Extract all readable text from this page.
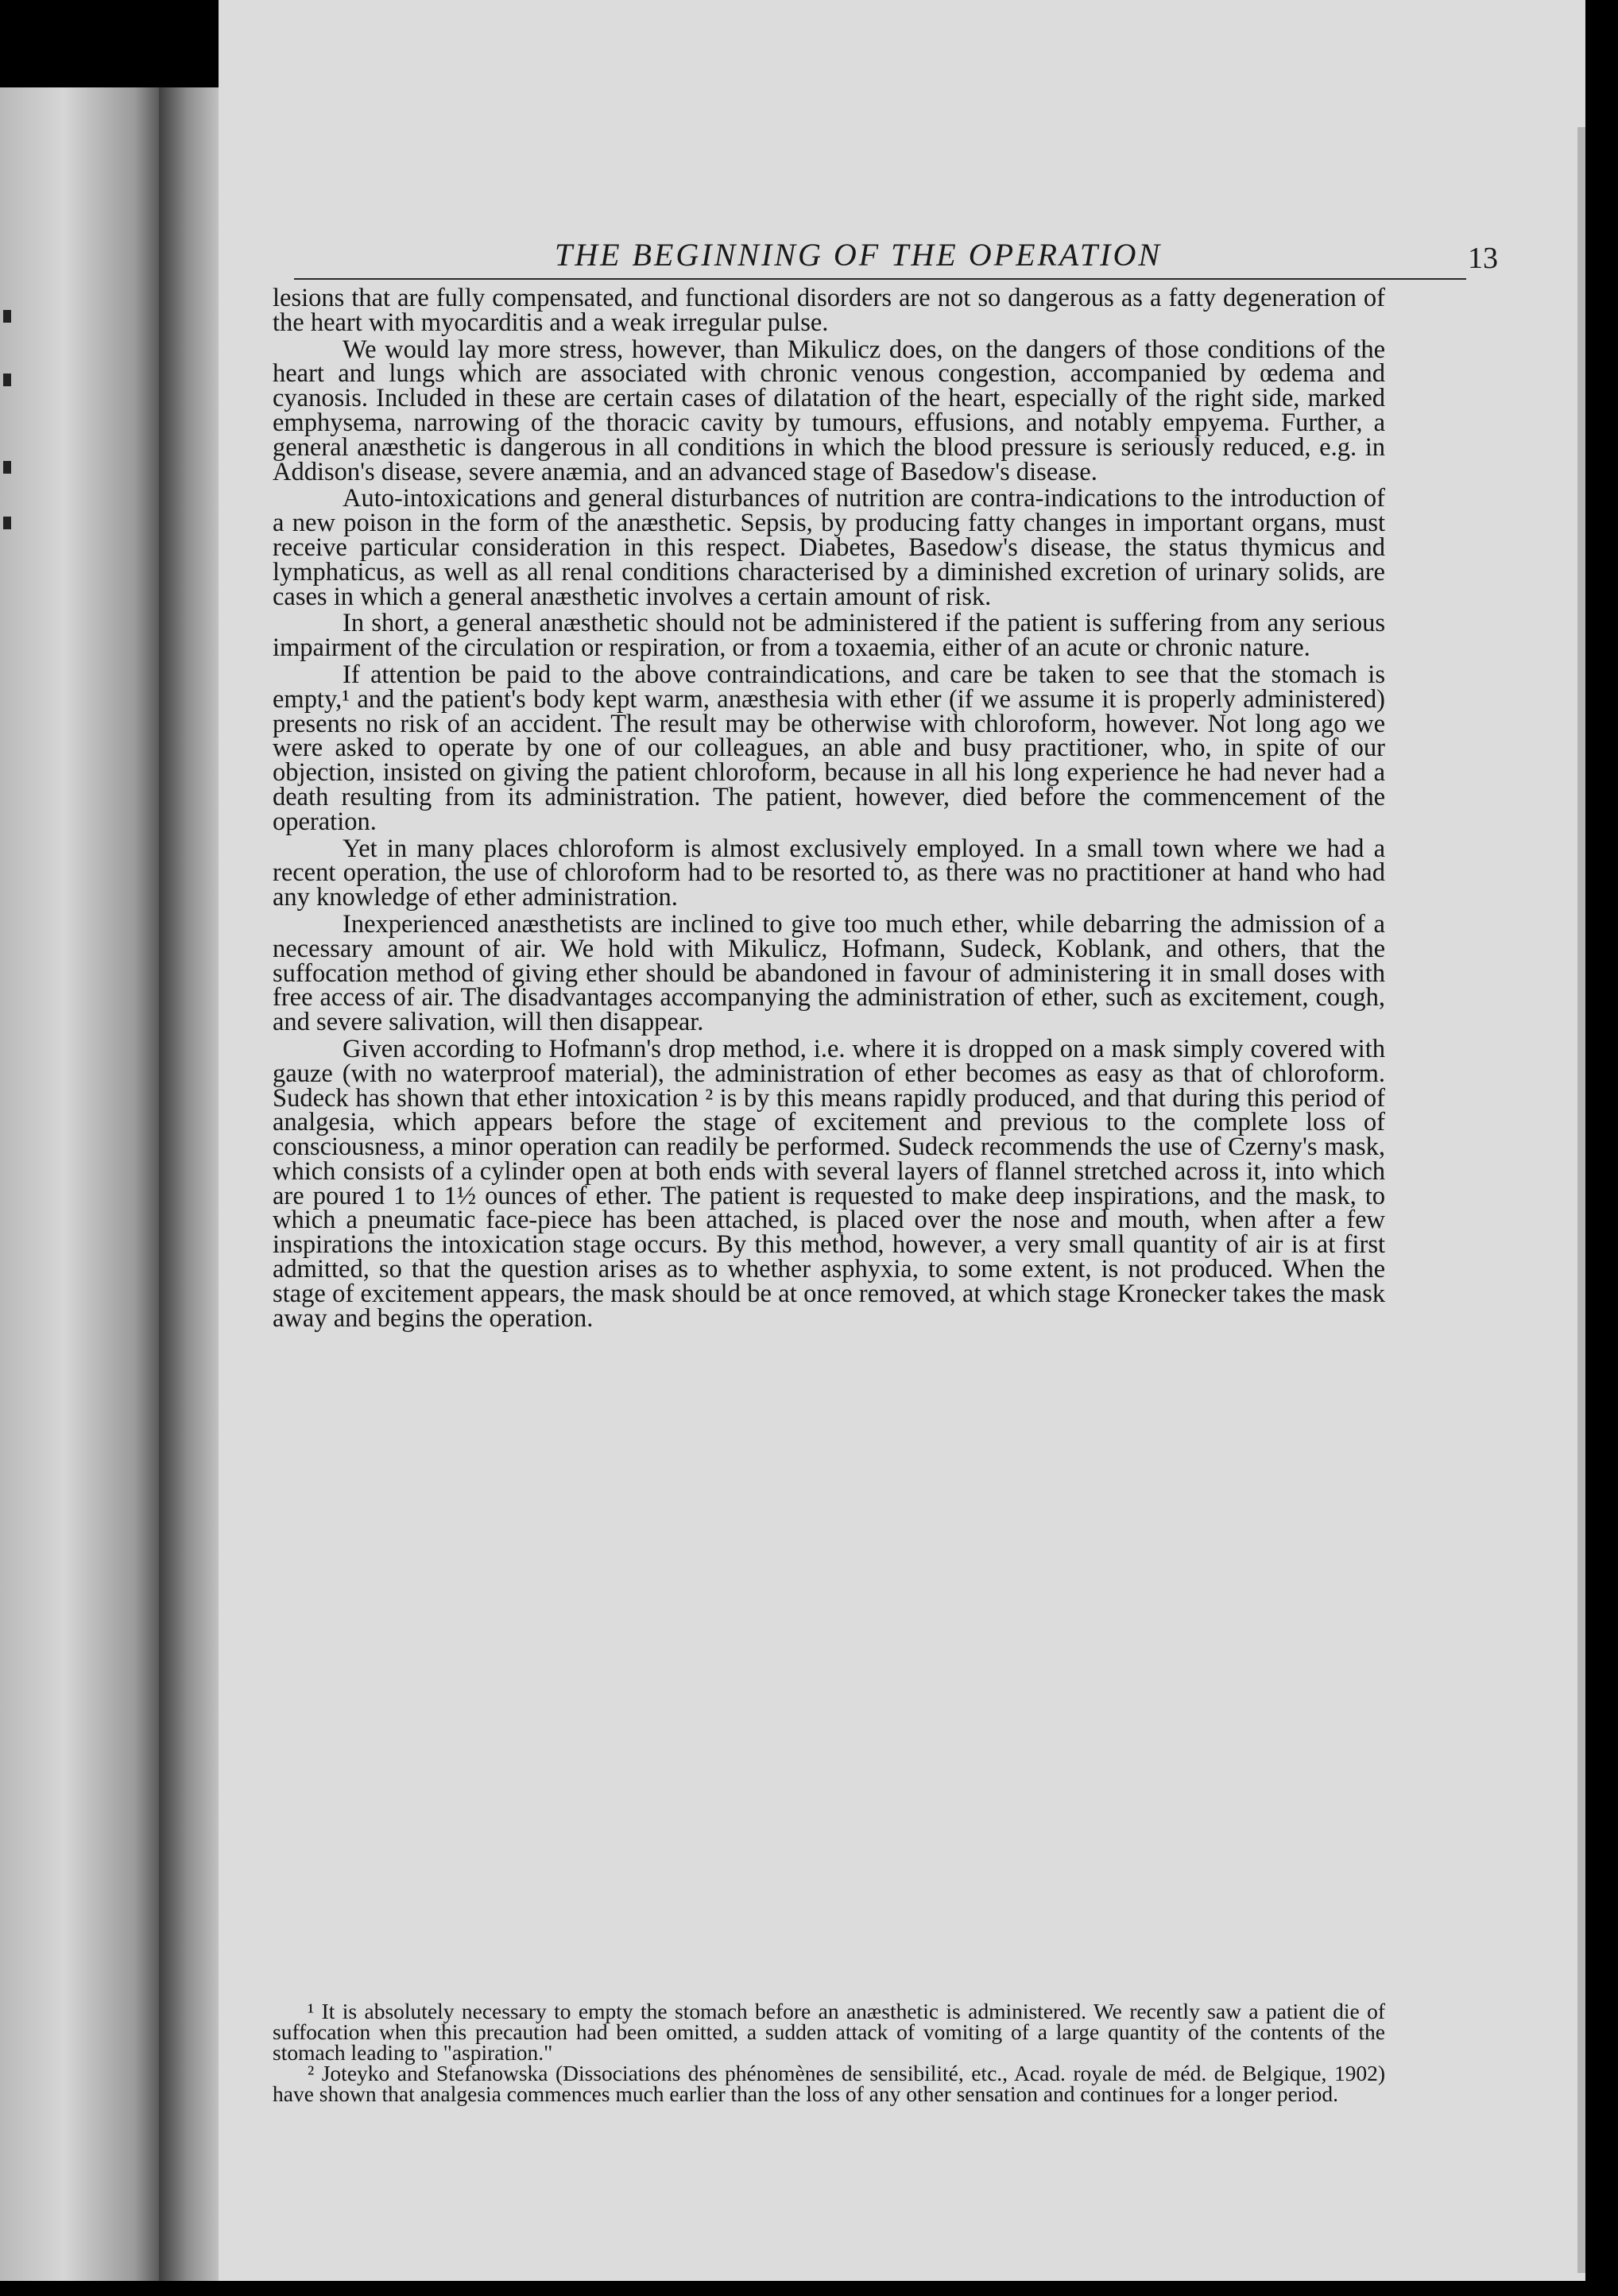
THE BEGINNING OF THE OPERATION	13

lesions that are fully compensated, and functional disorders are not so dangerous as a fatty degeneration of the heart with myocarditis and a weak irregular pulse.

We would lay more stress, however, than Mikulicz does, on the dangers of those conditions of the heart and lungs which are associated with chronic venous congestion, accompanied by œdema and cyanosis. Included in these are certain cases of dilatation of the heart, especially of the right side, marked emphysema, narrowing of the thoracic cavity by tumours, effusions, and notably empyema. Further, a general anæsthetic is dangerous in all conditions in which the blood pressure is seriously reduced, e.g. in Addison's disease, severe anæmia, and an advanced stage of Basedow's disease.

Auto-intoxications and general disturbances of nutrition are contra-indications to the introduction of a new poison in the form of the anæsthetic. Sepsis, by producing fatty changes in important organs, must receive particular consideration in this respect. Diabetes, Basedow's disease, the status thymicus and lymphaticus, as well as all renal conditions characterised by a diminished excretion of urinary solids, are cases in which a general anæsthetic involves a certain amount of risk.

In short, a general anæsthetic should not be administered if the patient is suffering from any serious impairment of the circulation or respiration, or from a toxaemia, either of an acute or chronic nature.

If attention be paid to the above contraindications, and care be taken to see that the stomach is empty,¹ and the patient's body kept warm, anæsthesia with ether (if we assume it is properly administered) presents no risk of an accident. The result may be otherwise with chloroform, however. Not long ago we were asked to operate by one of our colleagues, an able and busy practitioner, who, in spite of our objection, insisted on giving the patient chloroform, because in all his long experience he had never had a death resulting from its administration. The patient, however, died before the commencement of the operation.

Yet in many places chloroform is almost exclusively employed. In a small town where we had a recent operation, the use of chloroform had to be resorted to, as there was no practitioner at hand who had any knowledge of ether administration.

Inexperienced anæsthetists are inclined to give too much ether, while debarring the admission of a necessary amount of air. We hold with Mikulicz, Hofmann, Sudeck, Koblank, and others, that the suffocation method of giving ether should be abandoned in favour of administering it in small doses with free access of air. The disadvantages accompanying the administration of ether, such as excitement, cough, and severe salivation, will then disappear.

Given according to Hofmann's drop method, i.e. where it is dropped on a mask simply covered with gauze (with no waterproof material), the administration of ether becomes as easy as that of chloroform. Sudeck has shown that ether intoxication ² is by this means rapidly produced, and that during this period of analgesia, which appears before the stage of excitement and previous to the complete loss of consciousness, a minor operation can readily be performed. Sudeck recommends the use of Czerny's mask, which consists of a cylinder open at both ends with several layers of flannel stretched across it, into which are poured 1 to 1½ ounces of ether. The patient is requested to make deep inspirations, and the mask, to which a pneumatic face-piece has been attached, is placed over the nose and mouth, when after a few inspirations the intoxication stage occurs. By this method, however, a very small quantity of air is at first admitted, so that the question arises as to whether asphyxia, to some extent, is not produced. When the stage of excitement appears, the mask should be at once removed, at which stage Kronecker takes the mask away and begins the operation.

¹ It is absolutely necessary to empty the stomach before an anæsthetic is administered. We recently saw a patient die of suffocation when this precaution had been omitted, a sudden attack of vomiting of a large quantity of the contents of the stomach leading to "aspiration."

² Joteyko and Stefanowska (Dissociations des phénomènes de sensibilité, etc., Acad. royale de méd. de Belgique, 1902) have shown that analgesia commences much earlier than the loss of any other sensation and continues for a longer period.
